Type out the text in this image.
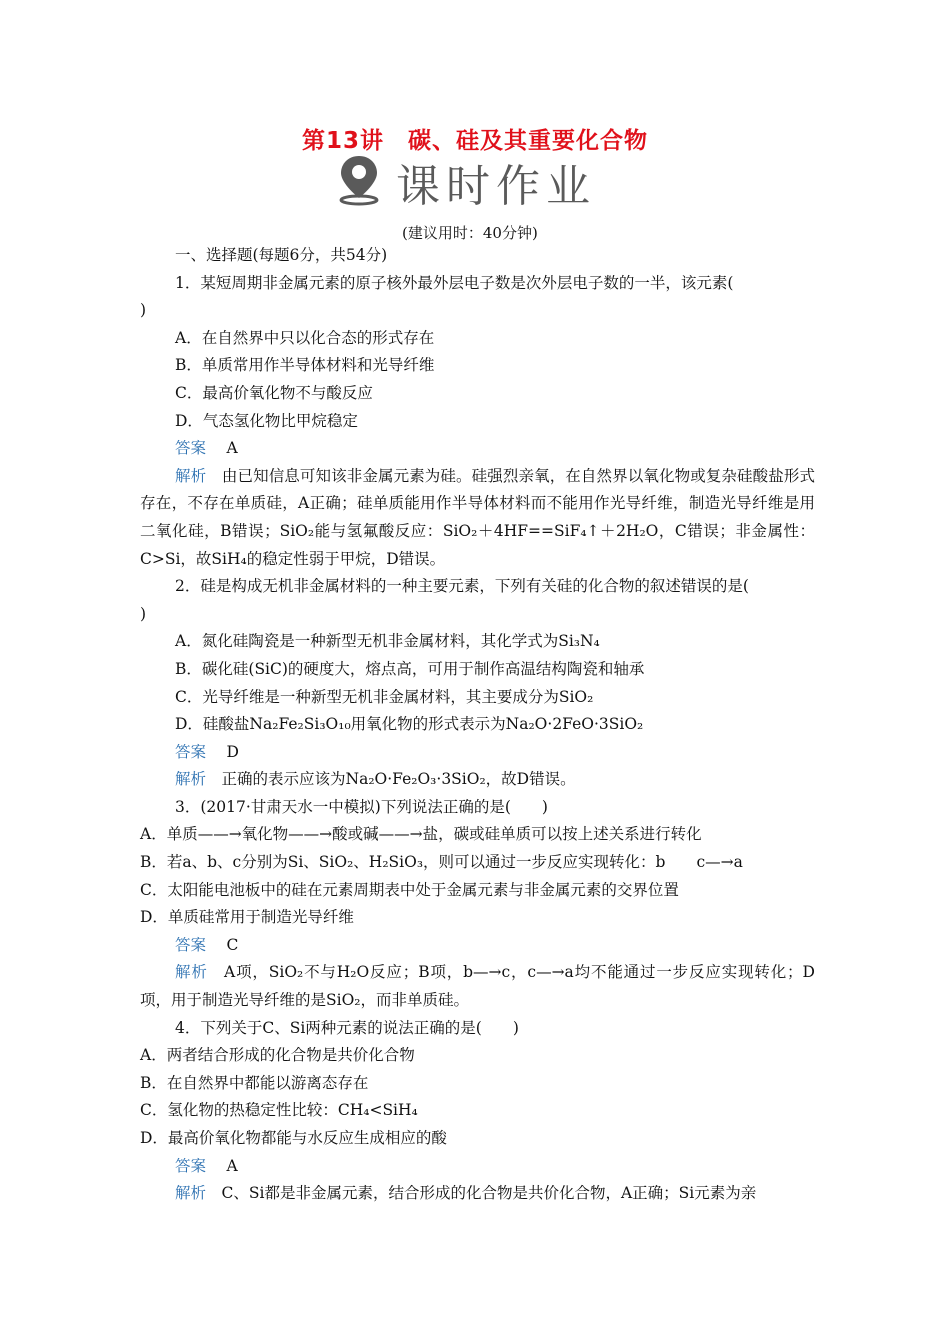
第13讲　碳、硅及其重要化合物
课时作业
(建议用时：40分钟)
一、选择题(每题6分，共54分)
1．某短周期非金属元素的原子核外最外层电子数是次外层电子数的一半，该元素(
)
A．在自然界中只以化合态的形式存在
B．单质常用作半导体材料和光导纤维
C．最高价氧化物不与酸反应
D．气态氢化物比甲烷稳定
答案　 A
解析　 由已知信息可知该非金属元素为硅。硅强烈亲氧，在自然界以氧化物或复杂硅酸盐形式存在，不存在单质硅，A正确；硅单质能用作半导体材料而不能用作光导纤维，制造光导纤维是用二氧化硅，B错误；SiO₂能与氢氟酸反应：SiO₂＋4HF==SiF₄↑＋2H₂O，C错误；非金属性：C>Si，故SiH₄的稳定性弱于甲烷，D错误。
2．硅是构成无机非金属材料的一种主要元素，下列有关硅的化合物的叙述错误的是(
)
A．氮化硅陶瓷是一种新型无机非金属材料，其化学式为Si₃N₄
B．碳化硅(SiC)的硬度大，熔点高，可用于制作高温结构陶瓷和轴承
C．光导纤维是一种新型无机非金属材料，其主要成分为SiO₂
D．硅酸盐Na₂Fe₂Si₃O₁₀用氧化物的形式表示为Na₂O·2FeO·3SiO₂
答案　 D
解析　 正确的表示应该为Na₂O·Fe₂O₃·3SiO₂，故D错误。
3．(2017·甘肃天水一中模拟)下列说法正确的是(　　)
A．单质——→氧化物——→酸或碱——→盐，碳或硅单质可以按上述关系进行转化
B．若a、b、c分别为Si、SiO₂、H₂SiO₃，则可以通过一步反应实现转化：b　　c—→a
C．太阳能电池板中的硅在元素周期表中处于金属元素与非金属元素的交界位置
D．单质硅常用于制造光导纤维
答案　 C
解析　 A项，SiO₂不与H₂O反应；B项，b—→c，c—→a均不能通过一步反应实现转化；D项，用于制造光导纤维的是SiO₂，而非单质硅。
4．下列关于C、Si两种元素的说法正确的是(　　)
A．两者结合形成的化合物是共价化合物
B．在自然界中都能以游离态存在
C．氢化物的热稳定性比较：CH₄<SiH₄
D．最高价氧化物都能与水反应生成相应的酸
答案　 A
解析　 C、Si都是非金属元素，结合形成的化合物是共价化合物，A正确；Si元素为亲
